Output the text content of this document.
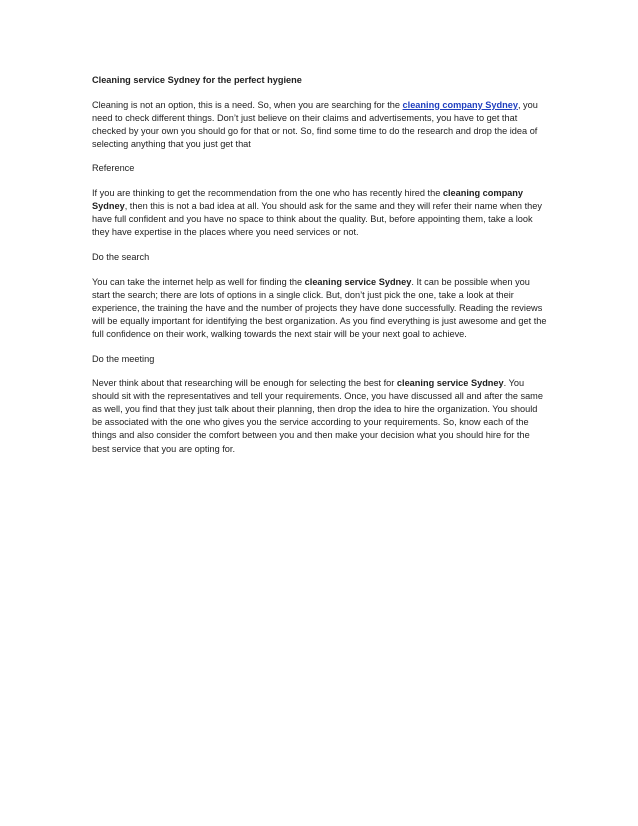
Cleaning service Sydney for the perfect hygiene
Cleaning is not an option, this is a need. So, when you are searching for the cleaning company Sydney, you need to check different things. Don’t just believe on their claims and advertisements, you have to get that checked by your own you should go for that or not. So, find some time to do the research and drop the idea of selecting anything that you just get that
Reference
If you are thinking to get the recommendation from the one who has recently hired the cleaning company Sydney, then this is not a bad idea at all. You should ask for the same and they will refer their name when they have full confident and you have no space to think about the quality. But, before appointing them, take a look they have expertise in the places where you need services or not.
Do the search
You can take the internet help as well for finding the cleaning service Sydney. It can be possible when you start the search; there are lots of options in a single click. But, don’t just pick the one, take a look at their experience, the training the have and the number of projects they have done successfully. Reading the reviews will be equally important for identifying the best organization. As you find everything is just awesome and get the full confidence on their work, walking towards the next stair will be your next goal to achieve.
Do the meeting
Never think about that researching will be enough for selecting the best for cleaning service Sydney. You should sit with the representatives and tell your requirements. Once, you have discussed all and after the same as well, you find that they just talk about their planning, then drop the idea to hire the organization. You should be associated with the one who gives you the service according to your requirements. So, know each of the things and also consider the comfort between you and then make your decision what you should hire for the best service that you are opting for.
